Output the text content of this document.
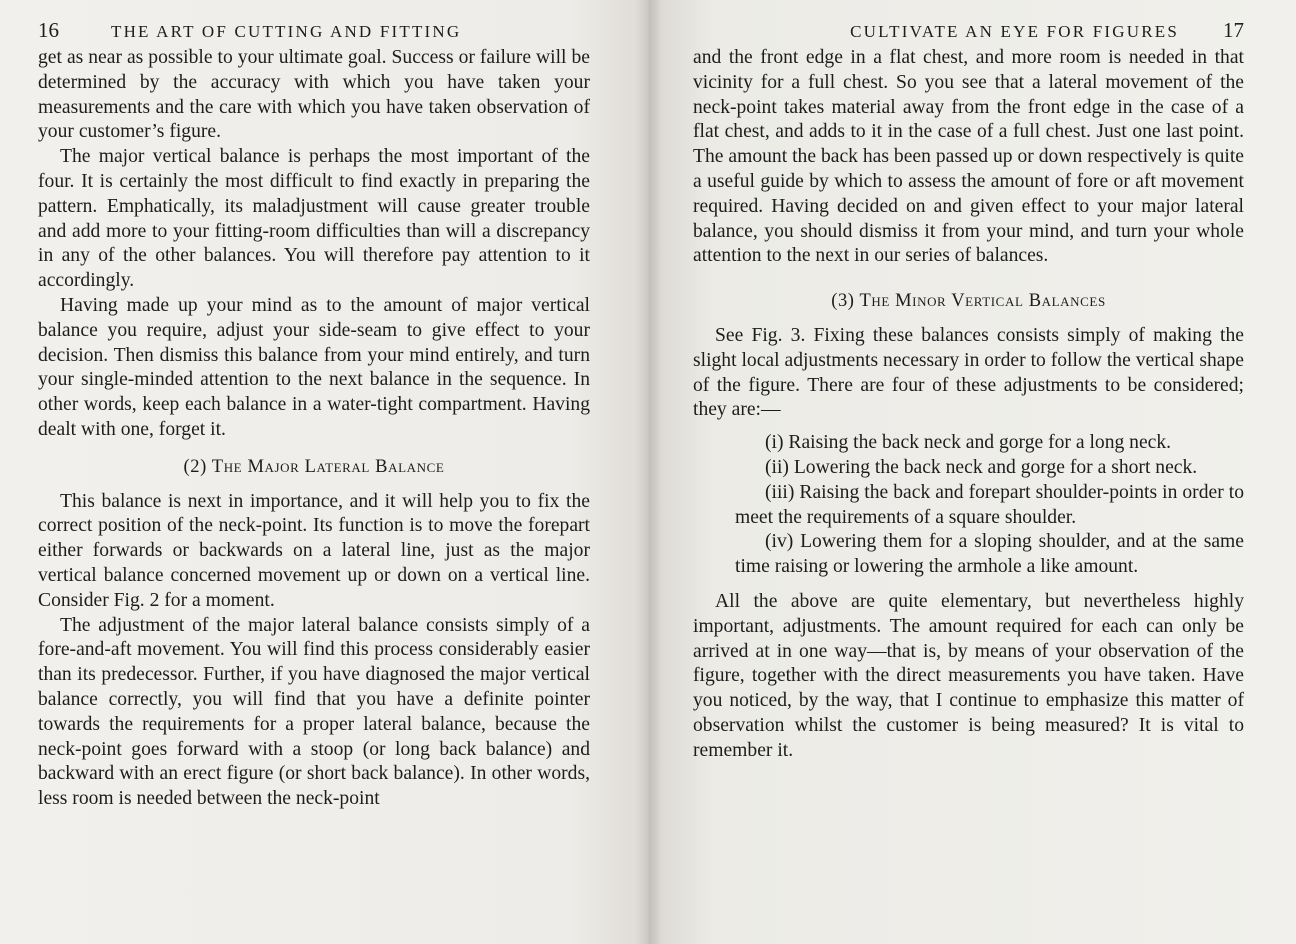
16	THE ART OF CUTTING AND FITTING

get as near as possible to your ultimate goal. Success or failure will be determined by the accuracy with which you have taken your measurements and the care with which you have taken observation of your customer’s figure.

The major vertical balance is perhaps the most important of the four. It is certainly the most difficult to find exactly in preparing the pattern. Emphatically, its maladjustment will cause greater trouble and add more to your fitting-room difficulties than will a discrepancy in any of the other balances. You will therefore pay attention to it accordingly.

Having made up your mind as to the amount of major vertical balance you require, adjust your side-seam to give effect to your decision. Then dismiss this balance from your mind entirely, and turn your single-minded attention to the next balance in the sequence. In other words, keep each balance in a water-tight compartment. Having dealt with one, forget it.

(2) The Major Lateral Balance

This balance is next in importance, and it will help you to fix the correct position of the neck-point. Its function is to move the forepart either forwards or backwards on a lateral line, just as the major vertical balance concerned movement up or down on a vertical line. Consider Fig. 2 for a moment.

The adjustment of the major lateral balance consists simply of a fore-and-aft movement. You will find this process considerably easier than its predecessor. Further, if you have diagnosed the major vertical balance correctly, you will find that you have a definite pointer towards the requirements for a proper lateral balance, because the neck-point goes forward with a stoop (or long back balance) and backward with an erect figure (or short back balance). In other words, less room is needed between the neck-point

CULTIVATE AN EYE FOR FIGURES	17

and the front edge in a flat chest, and more room is needed in that vicinity for a full chest. So you see that a lateral movement of the neck-point takes material away from the front edge in the case of a flat chest, and adds to it in the case of a full chest. Just one last point. The amount the back has been passed up or down respectively is quite a useful guide by which to assess the amount of fore or aft movement required. Having decided on and given effect to your major lateral balance, you should dismiss it from your mind, and turn your whole attention to the next in our series of balances.

(3) The Minor Vertical Balances

See Fig. 3. Fixing these balances consists simply of making the slight local adjustments necessary in order to follow the vertical shape of the figure. There are four of these adjustments to be considered; they are:—

(i) Raising the back neck and gorge for a long neck.
(ii) Lowering the back neck and gorge for a short neck.
(iii) Raising the back and forepart shoulder-points in order to meet the requirements of a square shoulder.
(iv) Lowering them for a sloping shoulder, and at the same time raising or lowering the armhole a like amount.

All the above are quite elementary, but nevertheless highly important, adjustments. The amount required for each can only be arrived at in one way—that is, by means of your observation of the figure, together with the direct measurements you have taken. Have you noticed, by the way, that I continue to emphasize this matter of observation whilst the customer is being measured? It is vital to remember it.
